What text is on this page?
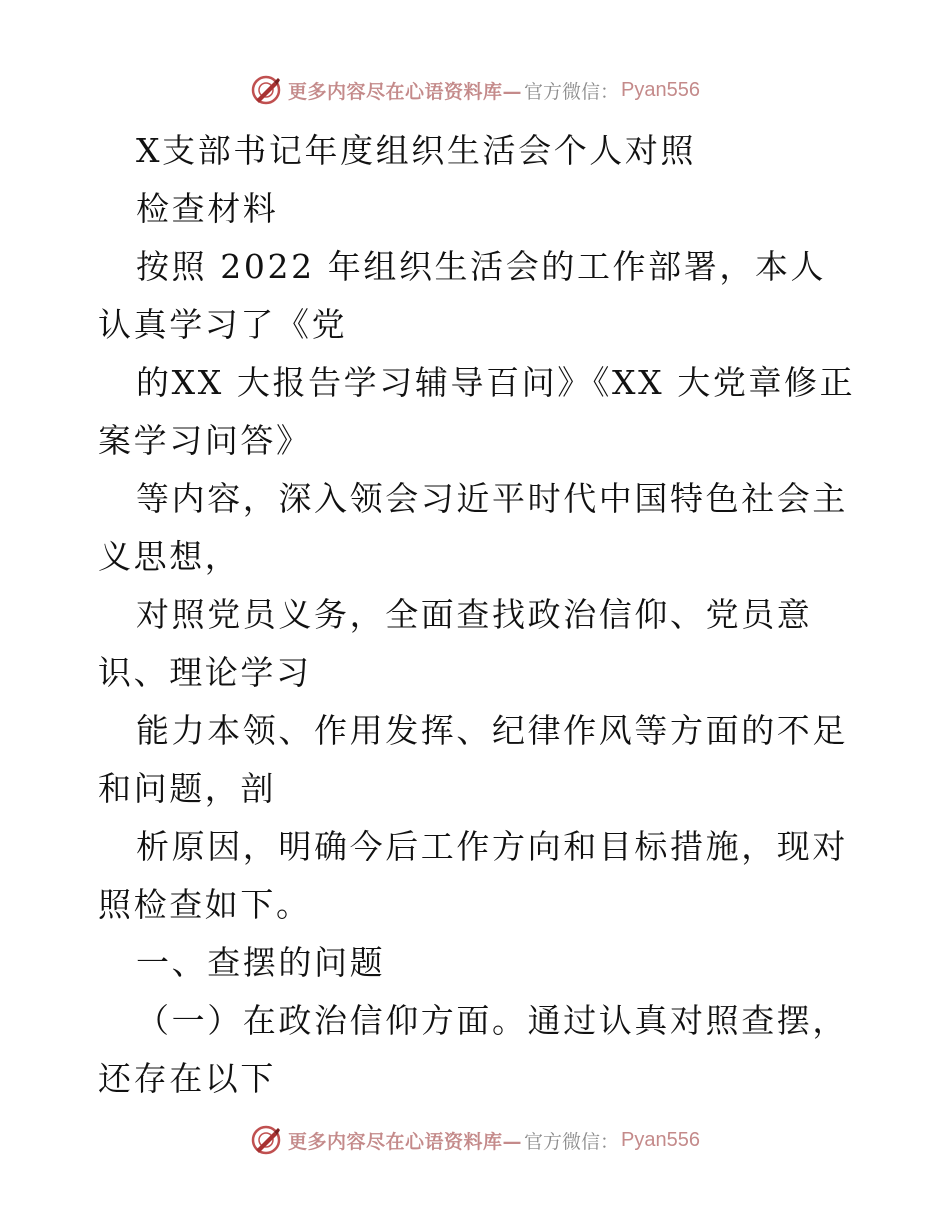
更多内容尽在心语资料库— 官方微信： Pyan556

X支部书记年度组织生活会个人对照

检查材料

按照 2022 年组织生活会的工作部署，本人认真学习了《党

的XX 大报告学习辅导百问》《XX 大党章修正案学习问答》

等内容，深入领会习近平时代中国特色社会主义思想，

对照党员义务，全面查找政治信仰、党员意识、理论学习

能力本领、作用发挥、纪律作风等方面的不足和问题，剖

析原因，明确今后工作方向和目标措施，现对照检查如下。

一、查摆的问题

（一）在政治信仰方面。通过认真对照查摆，还存在以下

更多内容尽在心语资料库— 官方微信： Pyan556
